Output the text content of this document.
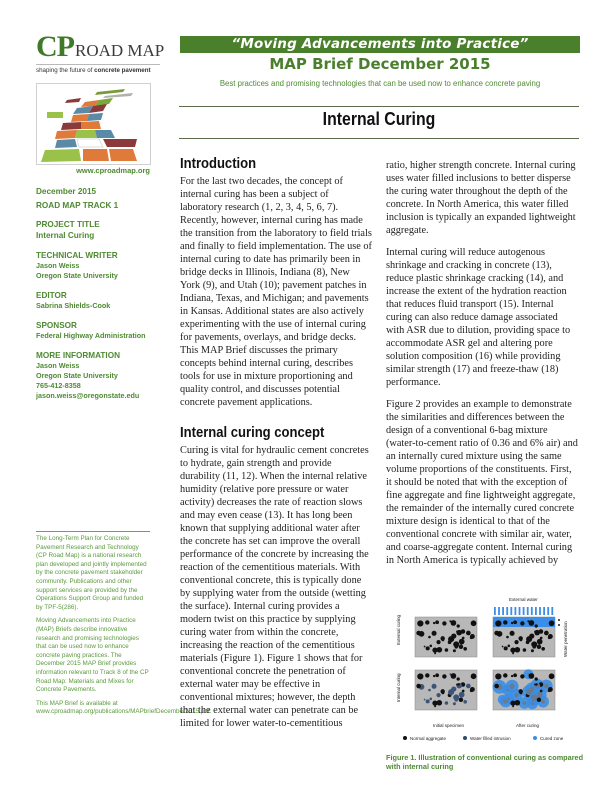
CPROAD MAP
shaping the future of concrete pavement
www.cproadmap.org
December 2015
ROAD MAP TRACK 1
PROJECT TITLE
Internal Curing
TECHNICAL WRITER
Jason Weiss
Oregon State University
EDITOR
Sabrina Shields-Cook
SPONSOR
Federal Highway Administration
MORE INFORMATION
Jason Weiss
Oregon State University
765-412-8358
jason.weiss@oregonstate.edu

The Long-Term Plan for Concrete Pavement Research and Technology (CP Road Map) is a national research plan developed and jointly implemented by the concrete pavement stakeholder community. Publications and other support services are provided by the Operations Support Group and funded by TPF-5(286).

Moving Advancements into Practice (MAP) Briefs describe innovative research and promising technologies that can be used now to enhance concrete paving practices. The December 2015 MAP Brief provides information relevant to Track 8 of the CP Road Map: Materials and Mixes for Concrete Pavements.

This MAP Brief is available at www.cproadmap.org/publications/MAPbriefDecember2015.pdf.

“Moving Advancements into Practice”
MAP Brief December 2015
Best practices and promising technologies that can be used now to enhance concrete paving
Internal Curing
Introduction

For the last two decades, the concept of internal curing has been a subject of laboratory research (1, 2, 3, 4, 5, 6, 7). Recently, however, internal curing has made the transition from the laboratory to field trials and finally to field implementation. The use of internal curing to date has primarily been in bridge decks in Illinois, Indiana (8), New York (9), and Utah (10); pavement patches in Indiana, Texas, and Michigan; and pavements in Kansas. Additional states are also actively experimenting with the use of internal curing for pavements, overlays, and bridge decks. This MAP Brief discusses the primary concepts behind internal curing, describes tools for use in mixture proportioning and quality control, and discusses potential concrete pavement applications.

Internal curing concept

Curing is vital for hydraulic cement concretes to hydrate, gain strength and provide durability (11, 12). When the internal relative humidity (relative pore pressure or water activity) decreases the rate of reaction slows and may even cease (13). It has long been known that supplying additional water after the concrete has set can improve the overall performance of the concrete by increasing the reaction of the cementitious materials. With conventional concrete, this is typically done by supplying water from the outside (wetting the surface). Internal curing provides a modern twist on this practice by supplying curing water from within the concrete, increasing the reaction of the cementitious materials (Figure 1). Figure 1 shows that for conventional concrete the penetration of external water may be effective in conventional mixtures; however, the depth that the external water can penetrate can be limited for lower water-to-cementitious

ratio, higher strength concrete. Internal curing uses water filled inclusions to better disperse the curing water throughout the depth of the concrete. In North America, this water filled inclusion is typically an expanded lightweight aggregate.

Internal curing will reduce autogenous shrinkage and cracking in concrete (13), reduce plastic shrinkage cracking (14), and increase the extent of the hydration reaction that reduces fluid transport (15). Internal curing can also reduce damage associated with ASR due to dilution, providing space to accommodate ASR gel and altering pore solution composition (16) while providing similar strength (17) and freeze-thaw (18) performance.

Figure 2 provides an example to demonstrate the similarities and differences between the design of a conventional 6-bag mixture (water-to-cement ratio of 0.36 and 6% air) and an internally cured mixture using the same volume proportions of the constituents. First, it should be noted that with the exception of fine aggregate and fine lightweight aggregate, the remainder of the internally cured concrete mixture design is identical to that of the conventional concrete with similar air, water, and coarse-aggregate content. Internal curing in North America is typically achieved by

External water
External curing
Internal curing
Water penetration
Initial specimen	After curing
Normal aggregate	Water filled intrusion	Cured zone
Figure 1. Illustration of conventional curing as compared with internal curing
